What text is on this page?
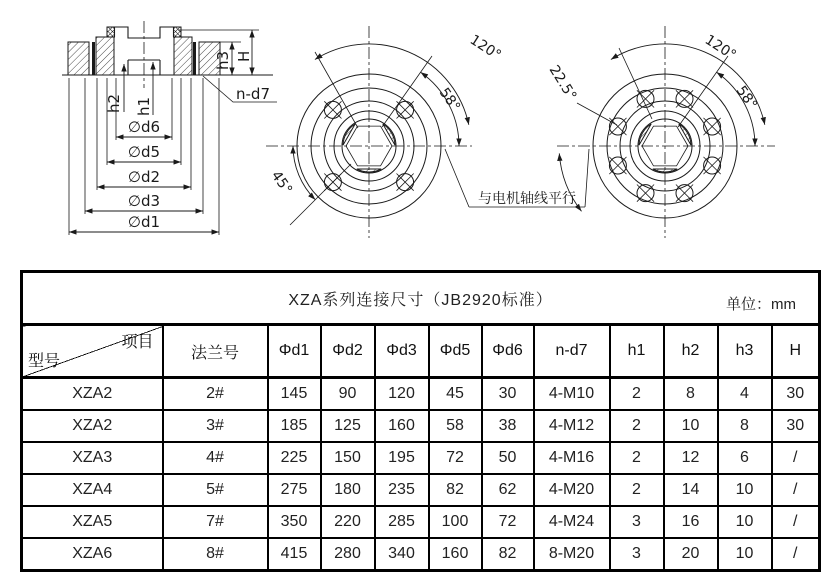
h2 h1
h3 H
n-d7
∅d6
∅d5
∅d2
∅d3
∅d1
120°
58°
45°
120°
58°
22.5°
与电机轴线平行
XZA系列连接尺寸（JB2920标准） 单位：mm											

项目
型号	法兰号	Φd1	Φd2	Φd3	Φd5	Φd6	n-d7	h1	h2	h3	H
XZA2	2#	145	90	120	45	30	4-M10	2	8	4	30
XZA2	3#	185	125	160	58	38	4-M12	2	10	8	30
XZA3	4#	225	150	195	72	50	4-M16	2	12	6	/
XZA4	5#	275	180	235	82	62	4-M20	2	14	10	/
XZA5	7#	350	220	285	100	72	4-M24	3	16	10	/
XZA6	8#	415	280	340	160	82	8-M20	3	20	10	/
